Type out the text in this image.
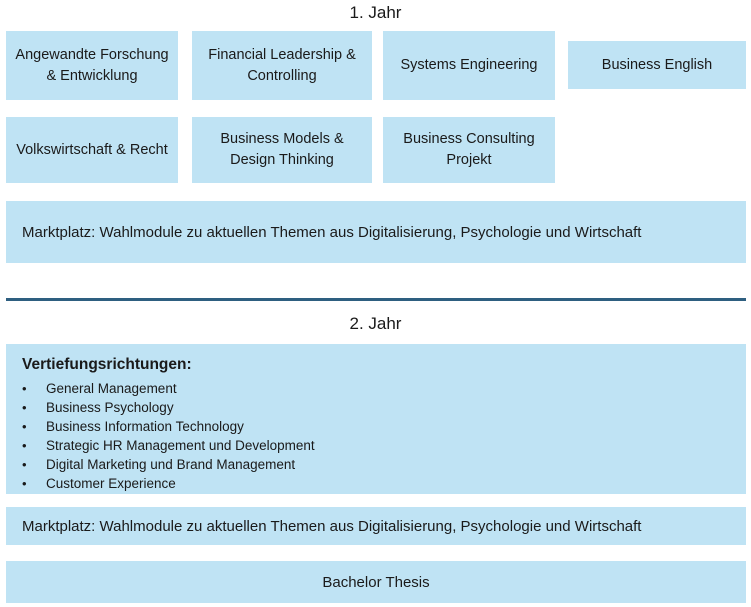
1. Jahr
Angewandte Forschung & Entwicklung
Financial Leadership & Controlling
Systems Engineering	Business English
Volkswirtschaft & Recht
Business Models & Design Thinking
Business Consulting Projekt
Marktplatz: Wahlmodule zu aktuellen Themen aus Digitalisierung, Psychologie und Wirtschaft
2. Jahr
Vertiefungsrichtungen:
•	General Management
•	Business Psychology
•	Business Information Technology
•	Strategic HR Management und Development
•	Digital Marketing und Brand Management
•	Customer Experience
Marktplatz: Wahlmodule zu aktuellen Themen aus Digitalisierung, Psychologie und Wirtschaft
Bachelor Thesis
